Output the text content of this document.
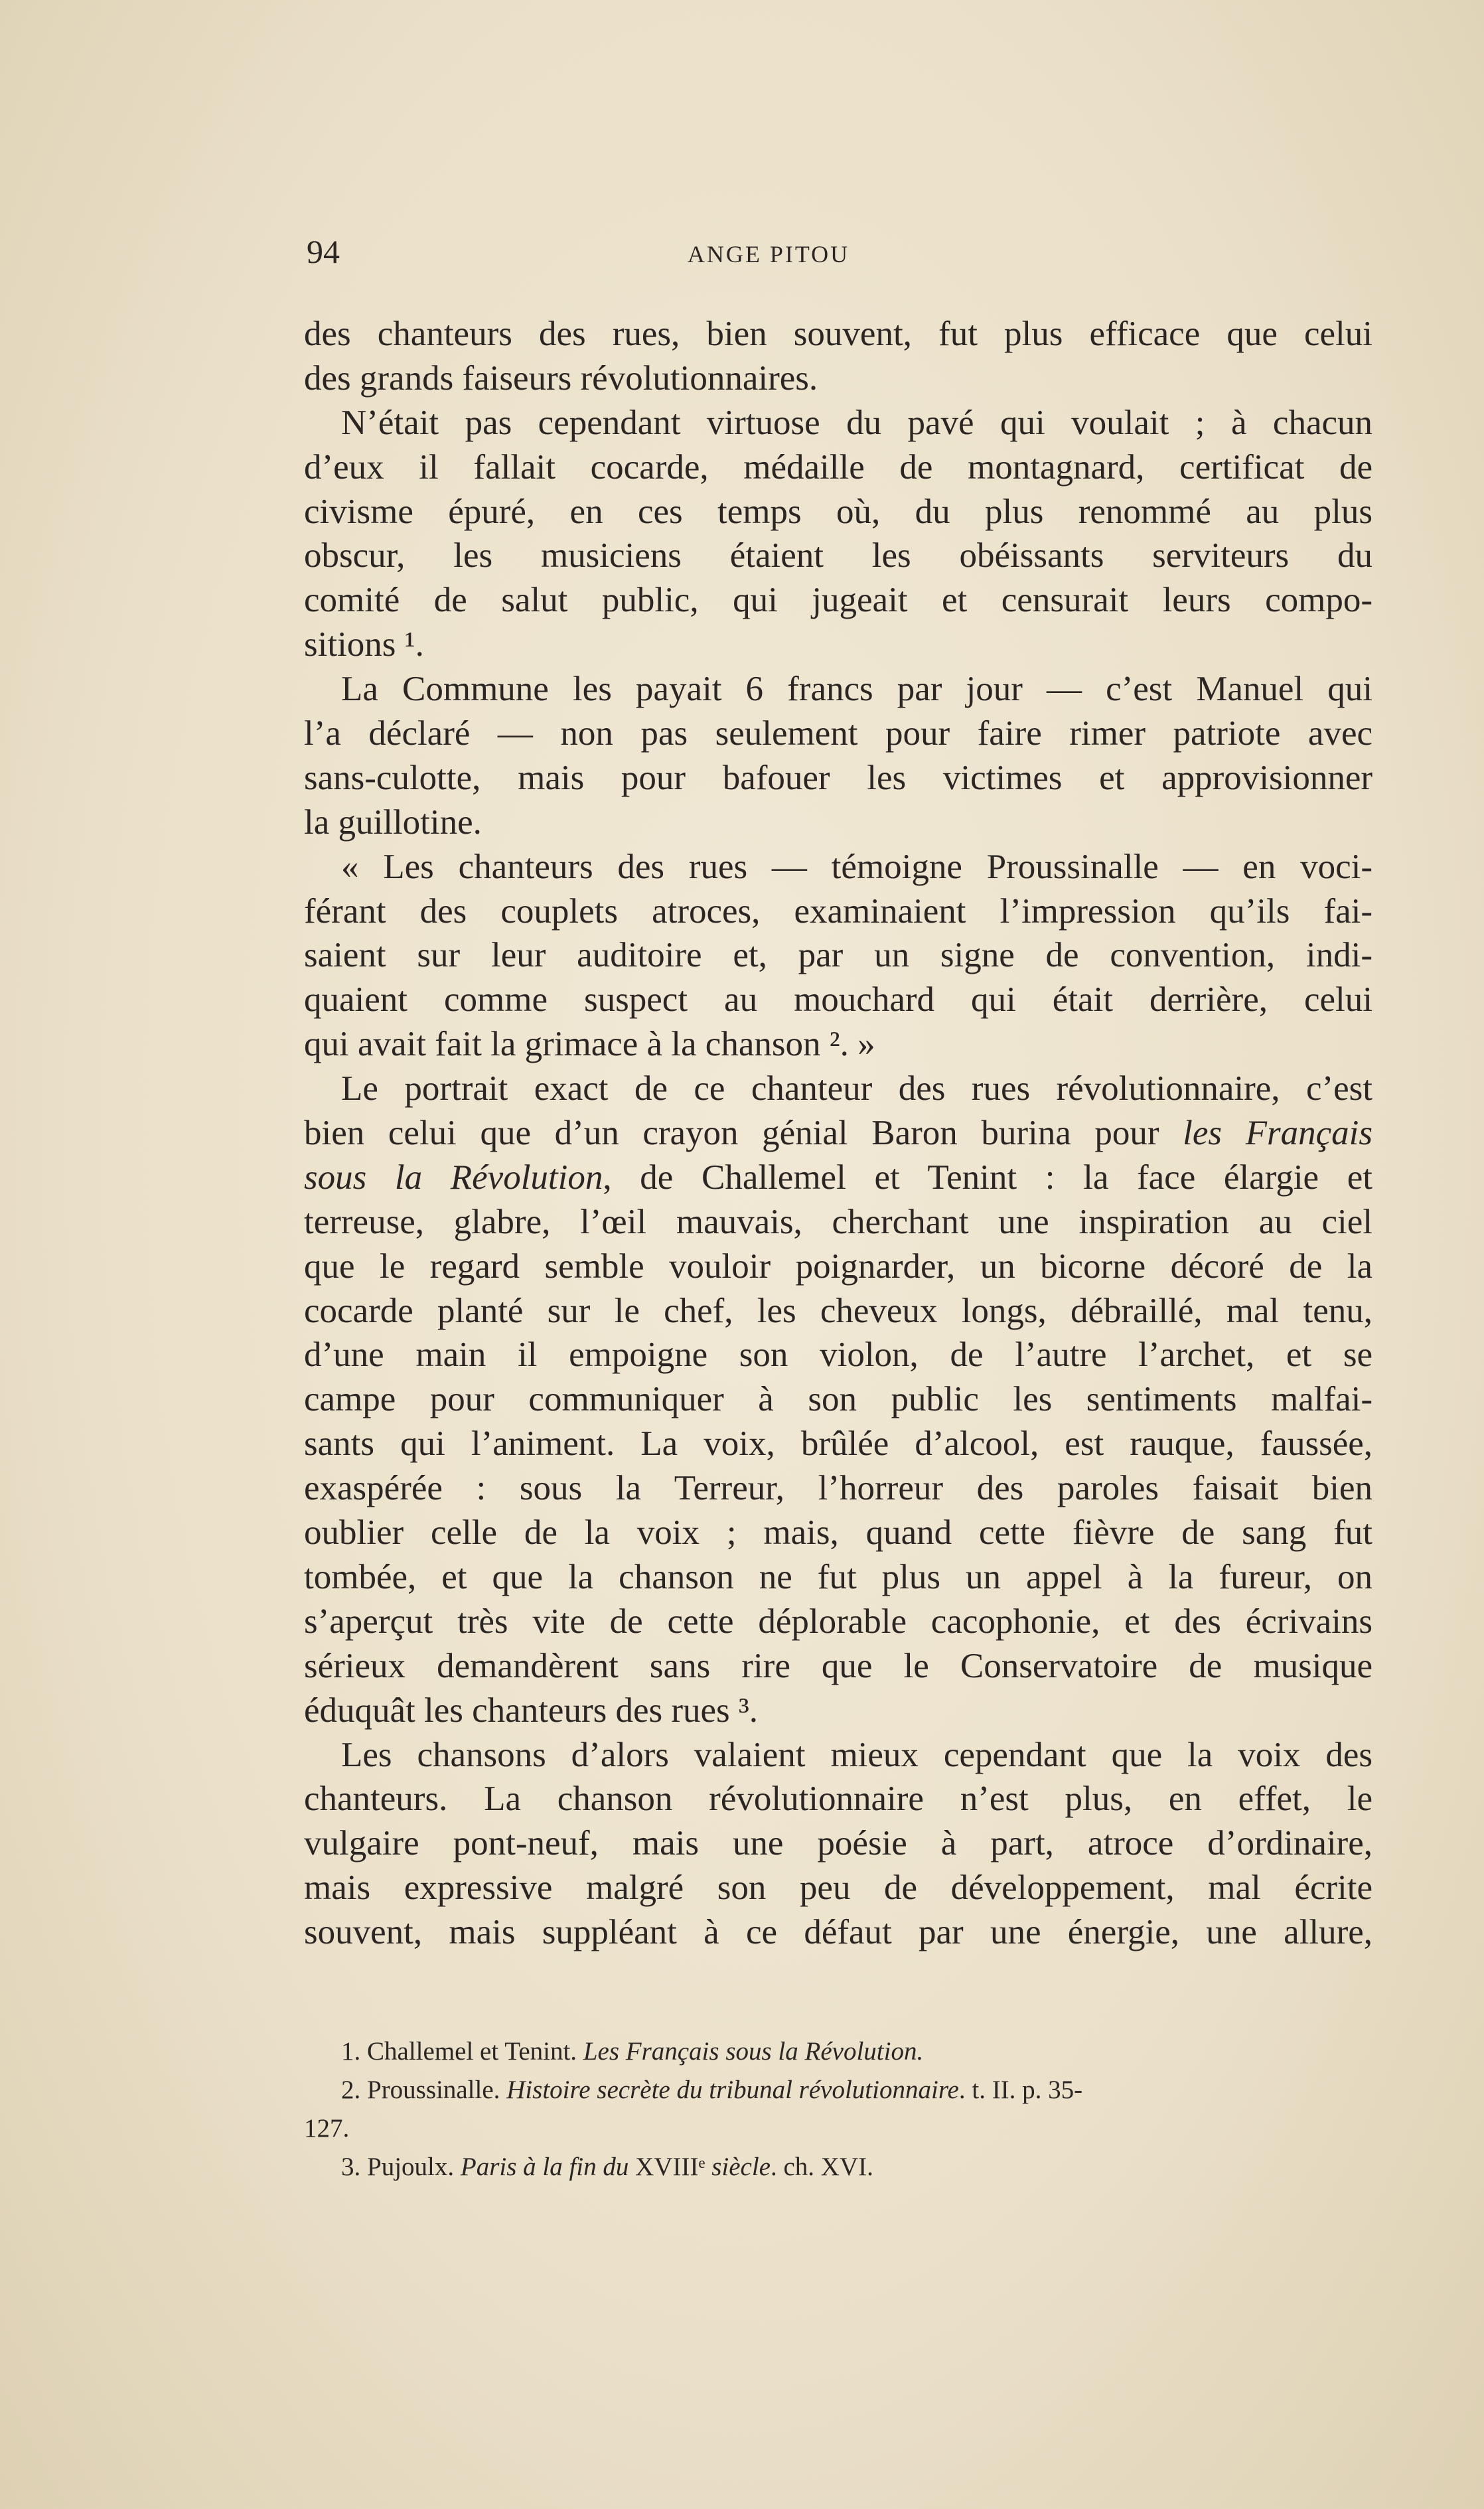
94	ANGE PITOU
des chanteurs des rues, bien souvent, fut plus efficace que celui
des grands faiseurs révolutionnaires.
N’était pas cependant virtuose du pavé qui voulait ; à chacun
d’eux il fallait cocarde, médaille de montagnard, certificat de
civisme épuré, en ces temps où, du plus renommé au plus
obscur, les musiciens étaient les obéissants serviteurs du
comité de salut public, qui jugeait et censurait leurs compo-
sitions ¹.
La Commune les payait 6 francs par jour — c’est Manuel qui
l’a déclaré — non pas seulement pour faire rimer patriote avec
sans-culotte, mais pour bafouer les victimes et approvisionner
la guillotine.
« Les chanteurs des rues — témoigne Proussinalle — en voci-
férant des couplets atroces, examinaient l’impression qu’ils fai-
saient sur leur auditoire et, par un signe de convention, indi-
quaient comme suspect au mouchard qui était derrière, celui
qui avait fait la grimace à la chanson ². »
Le portrait exact de ce chanteur des rues révolutionnaire, c’est
bien celui que d’un crayon génial Baron burina pour les Français
sous la Révolution, de Challemel et Tenint : la face élargie et
terreuse, glabre, l’œil mauvais, cherchant une inspiration au ciel
que le regard semble vouloir poignarder, un bicorne décoré de la
cocarde planté sur le chef, les cheveux longs, débraillé, mal tenu,
d’une main il empoigne son violon, de l’autre l’archet, et se
campe pour communiquer à son public les sentiments malfai-
sants qui l’animent. La voix, brûlée d’alcool, est rauque, faussée,
exaspérée : sous la Terreur, l’horreur des paroles faisait bien
oublier celle de la voix ; mais, quand cette fièvre de sang fut
tombée, et que la chanson ne fut plus un appel à la fureur, on
s’aperçut très vite de cette déplorable cacophonie, et des écrivains
sérieux demandèrent sans rire que le Conservatoire de musique
éduquât les chanteurs des rues ³.
Les chansons d’alors valaient mieux cependant que la voix des
chanteurs. La chanson révolutionnaire n’est plus, en effet, le
vulgaire pont-neuf, mais une poésie à part, atroce d’ordinaire,
mais expressive malgré son peu de développement, mal écrite
souvent, mais suppléant à ce défaut par une énergie, une allure,
1. Challemel et Tenint. Les Français sous la Révolution.
2. Proussinalle. Histoire secrète du tribunal révolutionnaire. t. II. p. 35-
127.
3. Pujoulx. Paris à la fin du XVIIIᵉ siècle. ch. XVI.
